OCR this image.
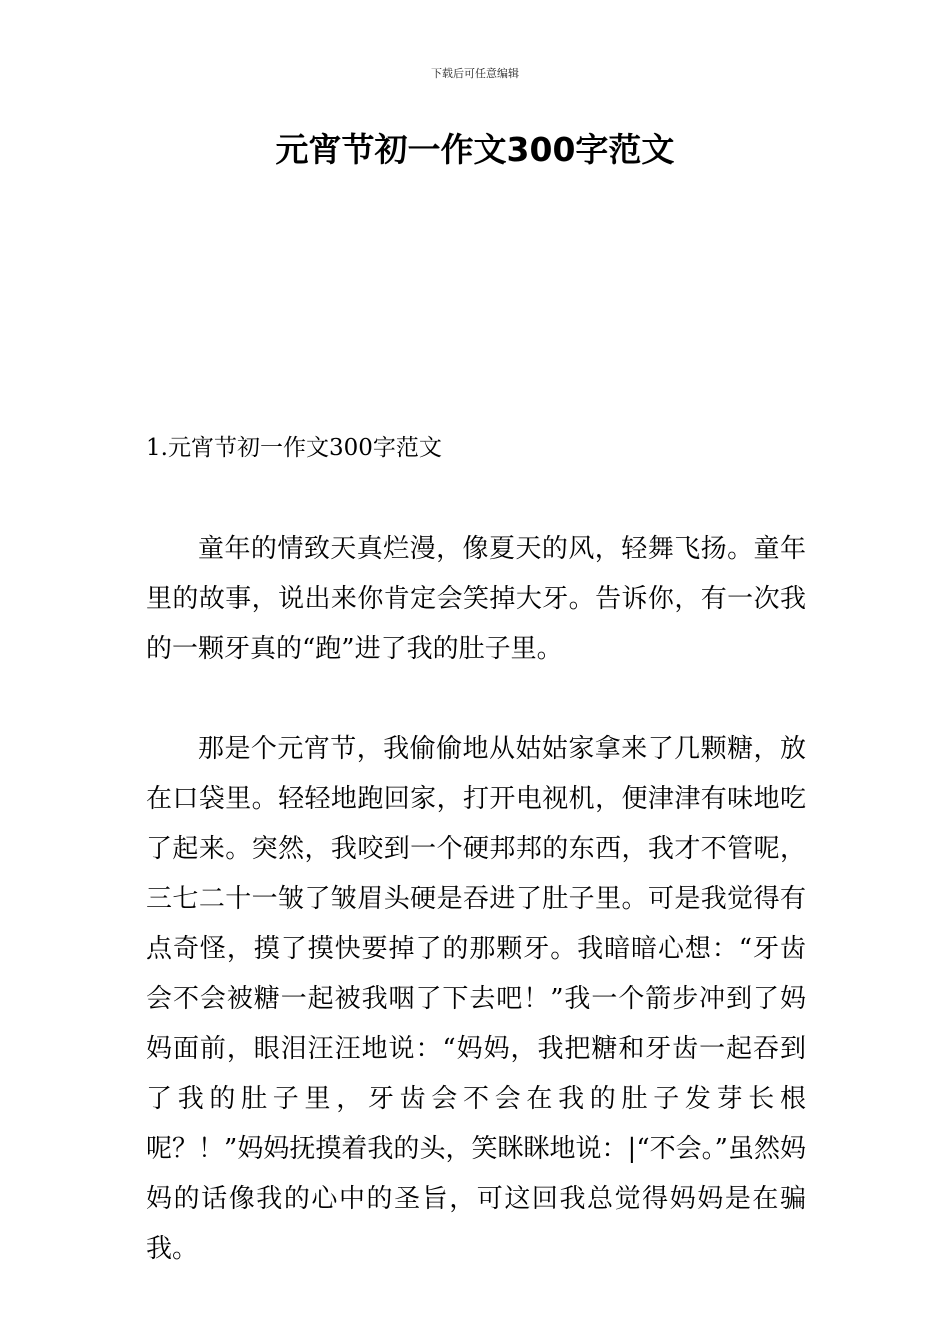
下载后可任意编辑
元宵节初一作文300字范文
1.元宵节初一作文300字范文

童年的情致天真烂漫，像夏天的风，轻舞飞扬。童年里的故事，说出来你肯定会笑掉大牙。告诉你，有一次我的一颗牙真的“跑”进了我的肚子里。

那是个元宵节，我偷偷地从姑姑家拿来了几颗糖，放在口袋里。轻轻地跑回家，打开电视机，便津津有味地吃了起来。突然，我咬到一个硬邦邦的东西，我才不管呢，三七二十一皱了皱眉头硬是吞进了肚子里。可是我觉得有点奇怪，摸了摸快要掉了的那颗牙。我暗暗心想：“牙齿会不会被糖一起被我咽了下去吧！”我一个箭步冲到了妈妈面前，眼泪汪汪地说：“妈妈，我把糖和牙齿一起吞到了我的肚子里，牙齿会不会在我的肚子发芽长根呢？！”妈妈抚摸着我的头，笑眯眯地说：|“不会。”虽然妈妈的话像我的心中的圣旨，可这回我总觉得妈妈是在骗我。
